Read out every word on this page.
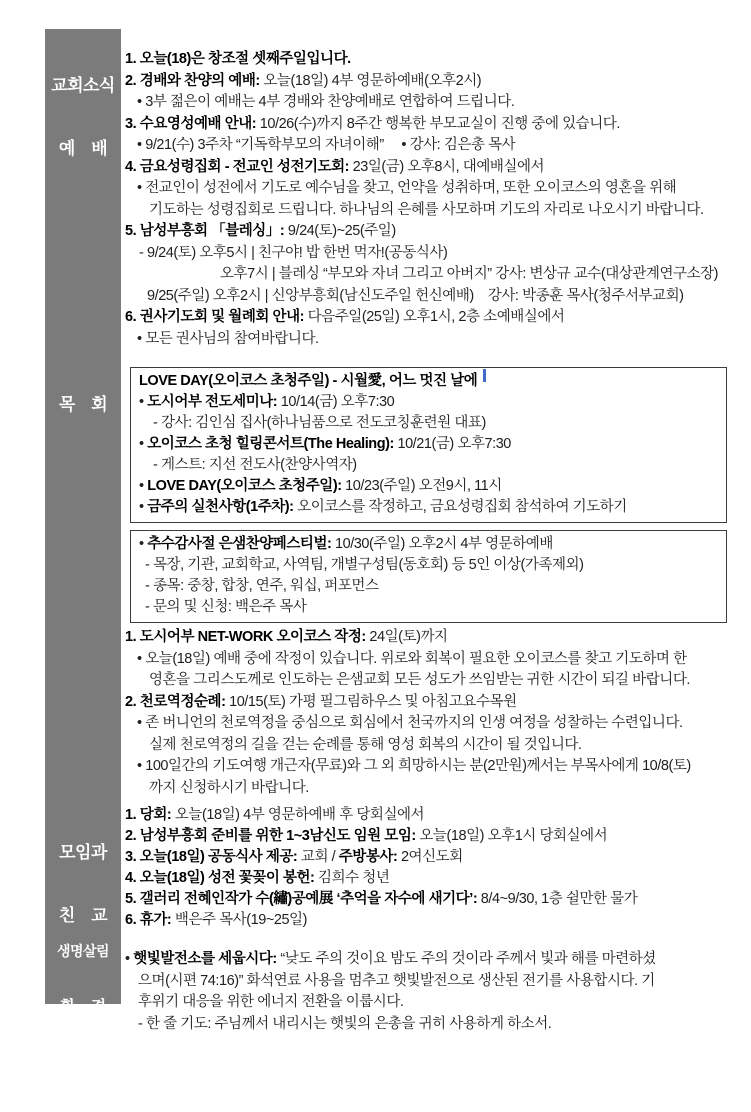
교회소식

예　배

목　회

모임과

친　교

생명살림

환　경

캠페인

1. 오늘(18)은 창조절 셋째주일입니다.
2. 경배와 찬양의 예배: 오늘(18일) 4부 영문하예배(오후2시)
• 3부 젊은이 예배는 4부 경배와 찬양예배로 연합하여 드립니다.
3. 수요영성예배 안내: 10/26(수)까지 8주간 행복한 부모교실이 진행 중에 있습니다.
• 9/21(수) 3주차 “기독학부모의 자녀이해”　 • 강사: 김은총 목사
4. 금요성령집회 - 전교인 성전기도회: 23일(금) 오후8시, 대예배실에서
• 전교인이 성전에서 기도로 예수님을 찾고, 언약을 성취하며, 또한 오이코스의 영혼을 위해
기도하는 성령집회로 드립니다. 하나님의 은혜를 사모하며 기도의 자리로 나오시기 바랍니다.
5. 남성부흥회 「블레싱」: 9/24(토)~25(주일)
- 9/24(토) 오후5시 | 친구야! 밥 한번 먹자!(공동식사)
오후7시 | 블레싱 “부모와 자녀 그리고 아버지” 강사: 변상규 교수(대상관계연구소장)
9/25(주일) 오후2시 | 신앙부흥회(남신도주일 헌신예배)　강사: 박종훈 목사(청주서부교회)
6. 권사기도회 및 월례회 안내: 다음주일(25일) 오후1시, 2층 소예배실에서
• 모든 권사님의 참여바랍니다.
LOVE DAY(오이코스 초청주일) - 시월愛, 어느 멋진 날에
• 도시어부 전도세미나: 10/14(금) 오후7:30
- 강사: 김인심 집사(하나님품으로 전도코칭훈련원 대표)
• 오이코스 초청 힐링콘서트(The Healing): 10/21(금) 오후7:30
- 게스트: 지선 전도사(찬양사역자)
• LOVE DAY(오이코스 초청주일): 10/23(주일) 오전9시, 11시
• 금주의 실천사항(1주차): 오이코스를 작정하고, 금요성령집회 참석하여 기도하기
• 추수감사절 은샘찬양페스티벌: 10/30(주일) 오후2시 4부 영문하예배
- 목장, 기관, 교회학교, 사역팀, 개별구성팀(동호회) 등 5인 이상(가족제외)
- 종목: 중창, 합창, 연주, 워십, 퍼포먼스
- 문의 및 신청: 백은주 목사
1. 도시어부 NET-WORK 오이코스 작정: 24일(토)까지
• 오늘(18일) 예배 중에 작정이 있습니다. 위로와 회복이 필요한 오이코스를 찾고 기도하며 한
영혼을 그리스도께로 인도하는 은샘교회 모든 성도가 쓰임받는 귀한 시간이 되길 바랍니다.
2. 천로역정순례: 10/15(토) 가평 필그림하우스 및 아침고요수목원
• 존 버니언의 천로역정을 중심으로 회심에서 천국까지의 인생 여정을 성찰하는 수련입니다.
실제 천로역정의 길을 걷는 순례를 통해 영성 회복의 시간이 될 것입니다.
• 100일간의 기도여행 개근자(무료)와 그 외 희망하시는 분(2만원)께서는 부목사에게 10/8(토)
까지 신청하시기 바랍니다.
1. 당회: 오늘(18일) 4부 영문하예배 후 당회실에서
2. 남성부흥회 준비를 위한 1~3남신도 임원 모임: 오늘(18일) 오후1시 당회실에서
3. 오늘(18일) 공동식사 제공: 교회 / 주방봉사: 2여신도회
4. 오늘(18일) 성전 꽃꽂이 봉헌: 김희수 청년
5. 갤러리 전혜인작가 수(繡)공예展 ‘추억을 자수에 새기다’: 8/4~9/30, 1층 쉴만한 물가
6. 휴가: 백은주 목사(19~25일)
• 햇빛발전소를 세웁시다: “낮도 주의 것이요 밤도 주의 것이라 주께서 빛과 해를 마련하셨
으며(시편 74:16)” 화석연료 사용을 멈추고 햇빛발전으로 생산된 전기를 사용합시다. 기
후위기 대응을 위한 에너지 전환을 이룹시다.
- 한 줄 기도: 주님께서 내리시는 햇빛의 은총을 귀히 사용하게 하소서.
